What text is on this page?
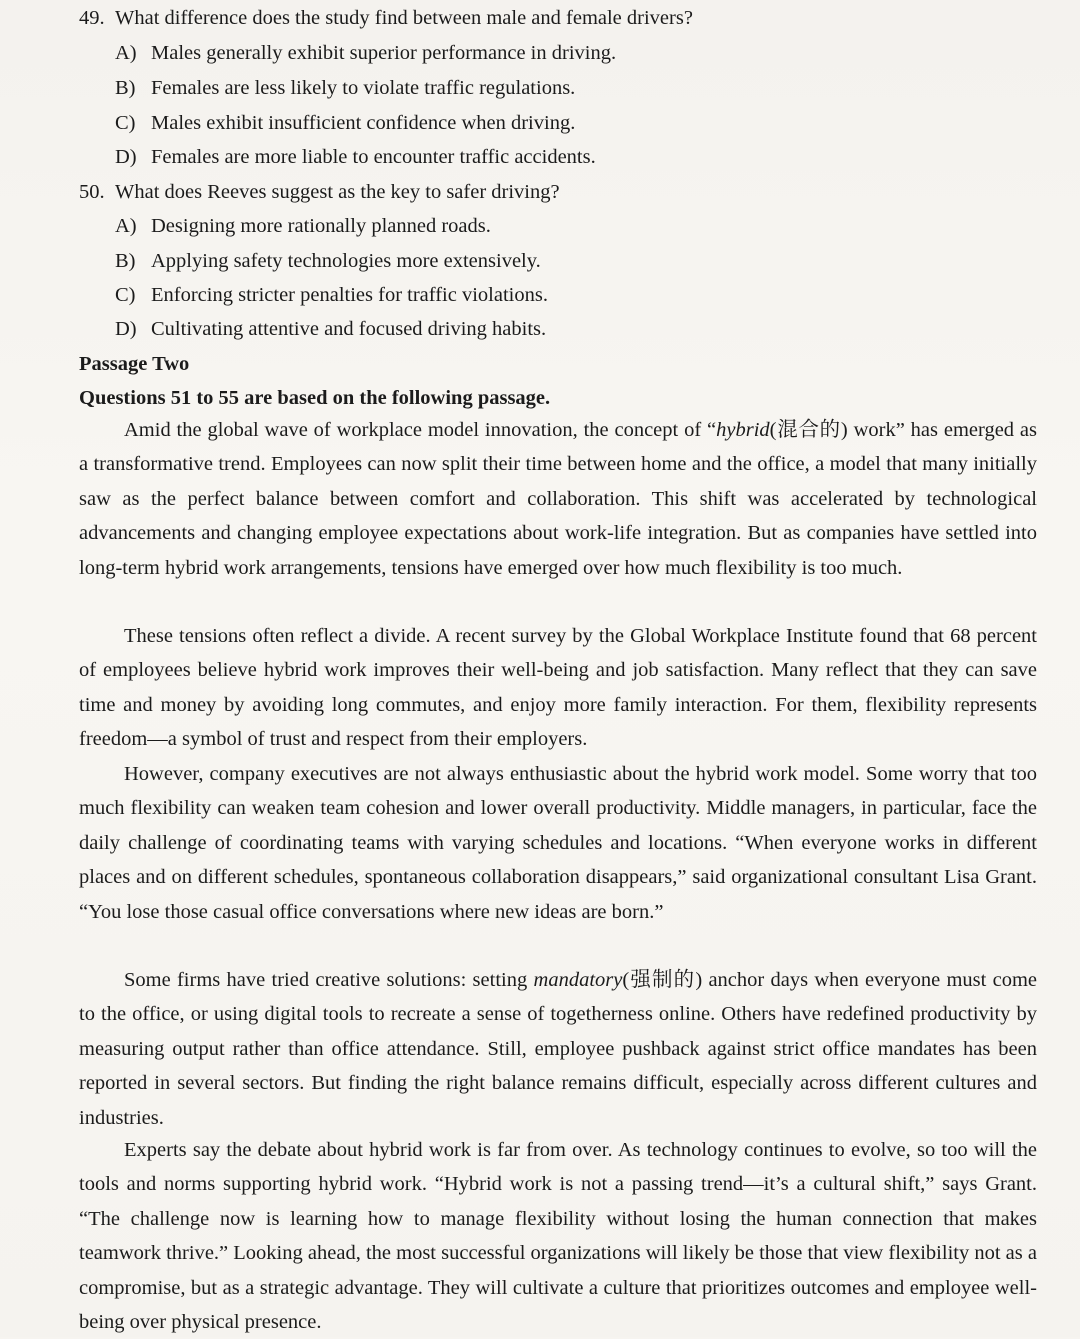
49. What difference does the study find between male and female drivers?
A) Males generally exhibit superior performance in driving.
B) Females are less likely to violate traffic regulations.
C) Males exhibit insufficient confidence when driving.
D) Females are more liable to encounter traffic accidents.
50. What does Reeves suggest as the key to safer driving?
A) Designing more rationally planned roads.
B) Applying safety technologies more extensively.
C) Enforcing stricter penalties for traffic violations.
D) Cultivating attentive and focused driving habits.
Passage Two
Questions 51 to 55 are based on the following passage.

Amid the global wave of workplace model innovation, the concept of “hybrid(混合的) work” has emerged as a transformative trend. Employees can now split their time between home and the office, a model that many initially saw as the perfect balance between comfort and collaboration. This shift was accelerated by technological advancements and changing employee expectations about work-life integration. But as companies have settled into long-term hybrid work arrangements, tensions have emerged over how much flexibility is too much.

These tensions often reflect a divide. A recent survey by the Global Workplace Institute found that 68 percent of employees believe hybrid work improves their well-being and job satisfaction. Many reflect that they can save time and money by avoiding long commutes, and enjoy more family interaction. For them, flexibility represents freedom—a symbol of trust and respect from their employers.

However, company executives are not always enthusiastic about the hybrid work model. Some worry that too much flexibility can weaken team cohesion and lower overall productivity. Middle managers, in particular, face the daily challenge of coordinating teams with varying schedules and locations. “When everyone works in different places and on different schedules, spontaneous collaboration disappears,” said organizational consultant Lisa Grant. “You lose those casual office conversations where new ideas are born.”

Some firms have tried creative solutions: setting mandatory(强制的) anchor days when everyone must come to the office, or using digital tools to recreate a sense of togetherness online. Others have redefined productivity by measuring output rather than office attendance. Still, employee pushback against strict office mandates has been reported in several sectors. But finding the right balance remains difficult, especially across different cultures and industries.

Experts say the debate about hybrid work is far from over. As technology continues to evolve, so too will the tools and norms supporting hybrid work. “Hybrid work is not a passing trend—it’s a cultural shift,” says Grant. “The challenge now is learning how to manage flexibility without losing the human connection that makes teamwork thrive.” Looking ahead, the most successful organizations will likely be those that view flexibility not as a compromise, but as a strategic advantage. They will cultivate a culture that prioritizes outcomes and employee well-being over physical presence.
